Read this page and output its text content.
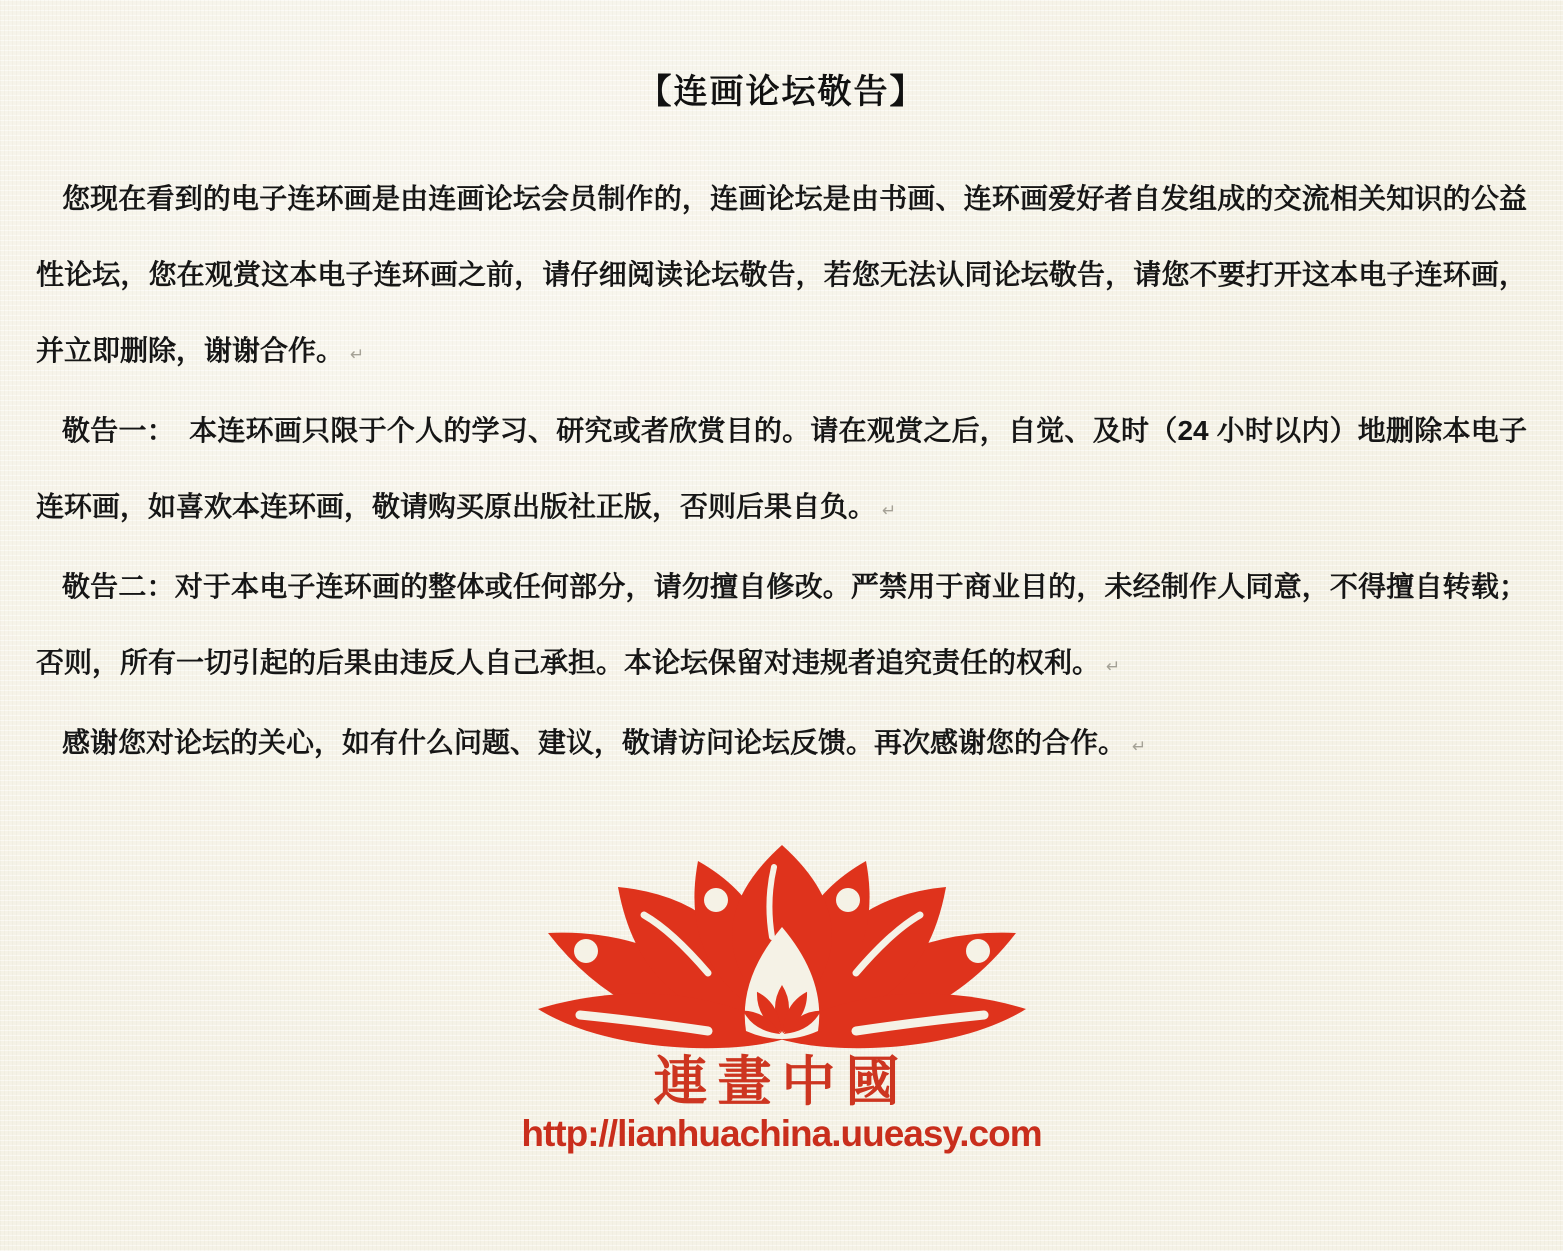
【连画论坛敬告】

您现在看到的电子连环画是由连画论坛会员制作的，连画论坛是由书画、连环画爱好者自发组成的交流相关知识的公益性论坛，您在观赏这本电子连环画之前，请仔细阅读论坛敬告，若您无法认同论坛敬告，请您不要打开这本电子连环画，并立即删除，谢谢合作。 ↵

敬告一：　本连环画只限于个人的学习、研究或者欣赏目的。请在观赏之后，自觉、及时（24 小时以内）地删除本电子连环画，如喜欢本连环画，敬请购买原出版社正版，否则后果自负。 ↵

敬告二：对于本电子连环画的整体或任何部分，请勿擅自修改。严禁用于商业目的，未经制作人同意，不得擅自转载；否则，所有一切引起的后果由违反人自己承担。本论坛保留对违规者追究责任的权利。 ↵

感谢您对论坛的关心，如有什么问题、建议，敬请访问论坛反馈。再次感谢您的合作。 ↵

連畫中國
http://lianhuachina.uueasy.com
